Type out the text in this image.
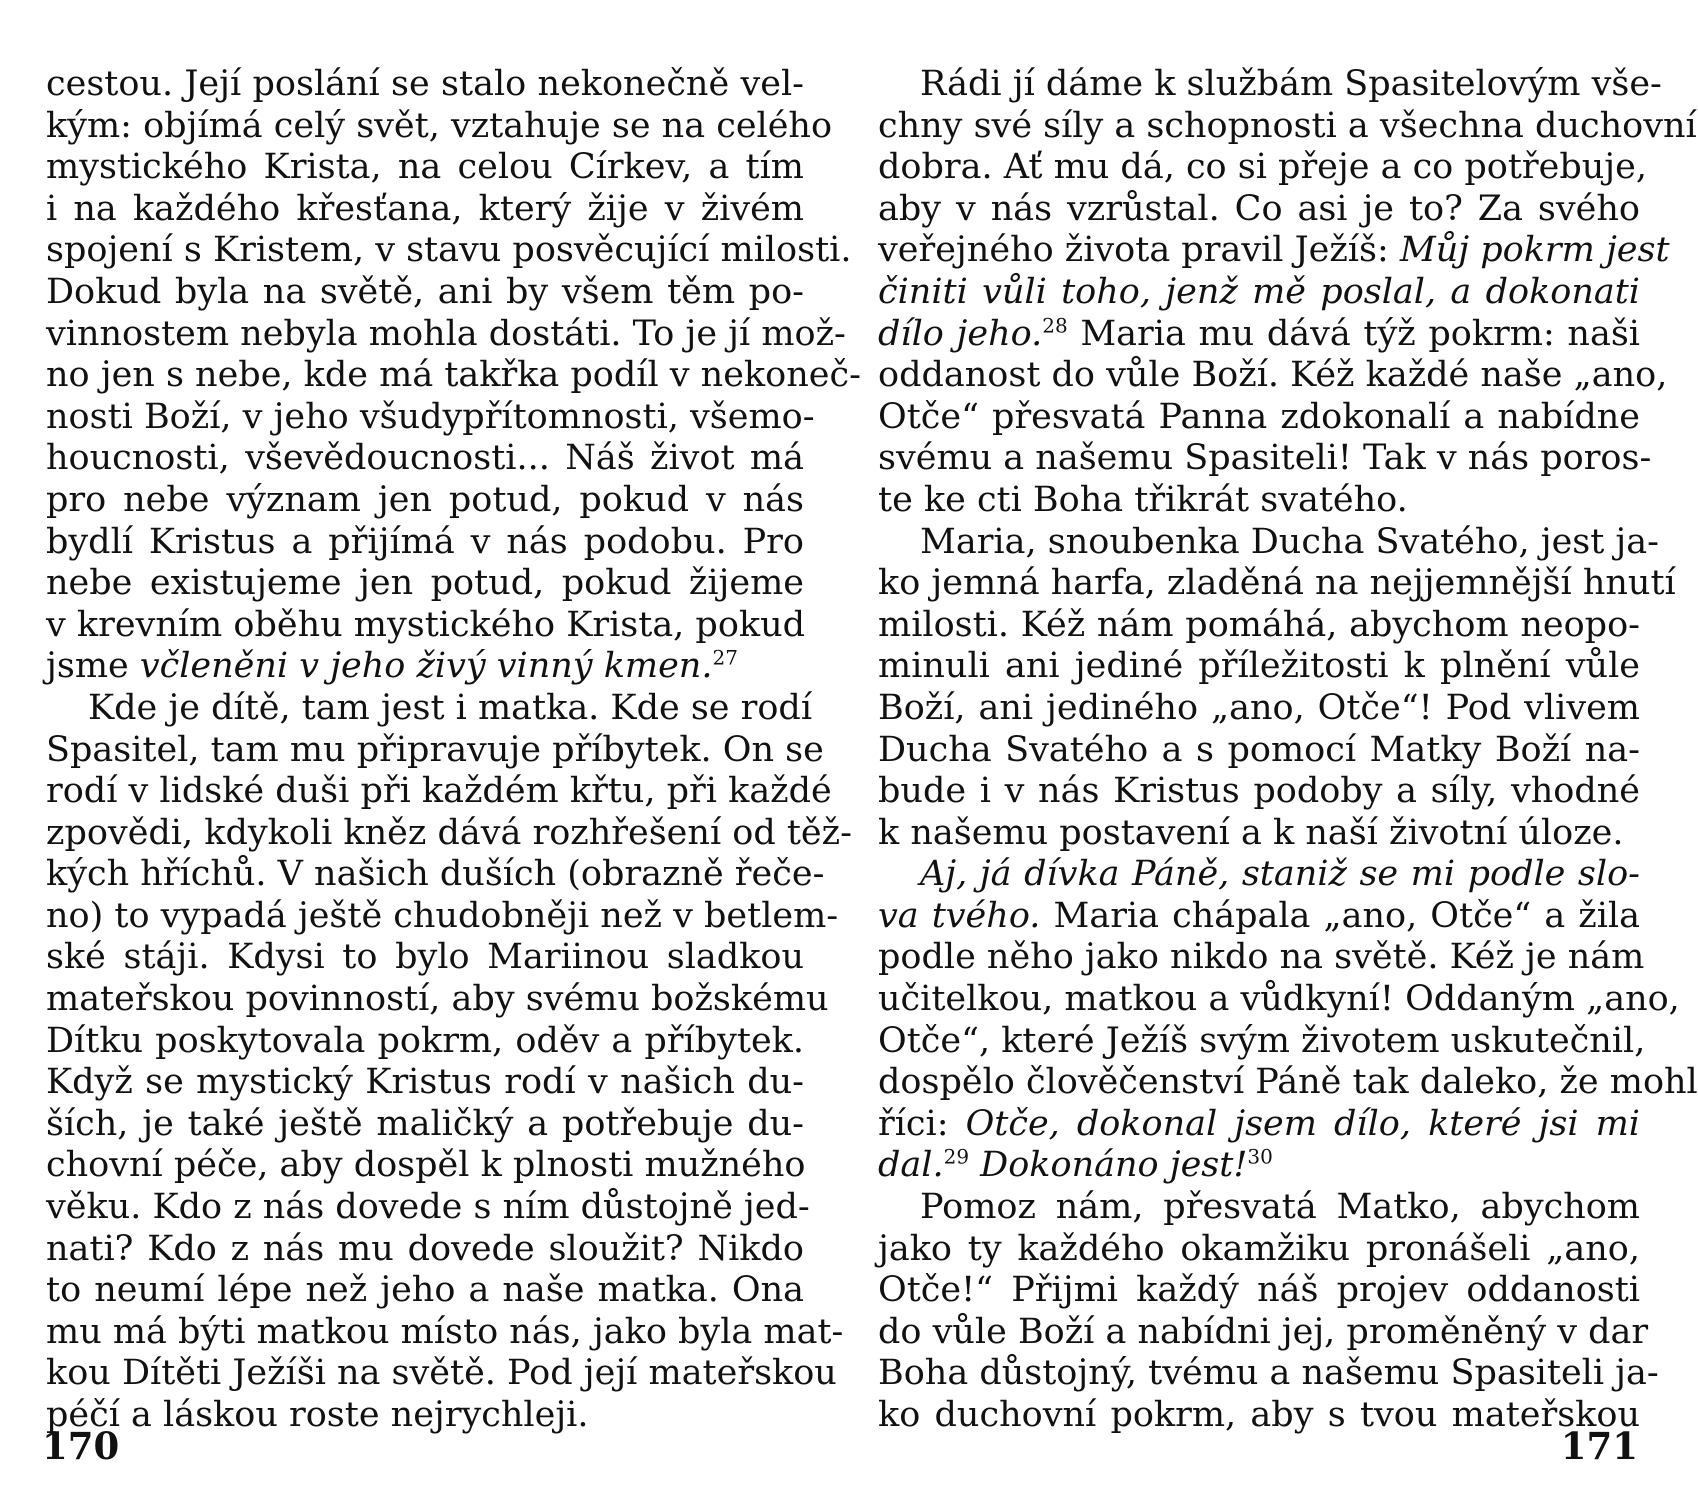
cestou. Její poslání se stalo nekonečně vel-
kým: objímá celý svět, vztahuje se na celého
mystického Krista, na celou Církev, a tím
i na každého křesťana, který žije v živém
spojení s Kristem, v stavu posvěcující milosti.
Dokud byla na světě, ani by všem těm po-
vinnostem nebyla mohla dostáti. To je jí mož-
no jen s nebe, kde má takřka podíl v nekoneč-
nosti Boží, v jeho všudypřítomnosti, všemo-
houcnosti, vševědoucnosti... Náš život má
pro nebe význam jen potud, pokud v nás
bydlí Kristus a přijímá v nás podobu. Pro
nebe existujeme jen potud, pokud žijeme
v krevním oběhu mystického Krista, pokud
jsme včleněni v jeho živý vinný kmen.$^{27}$
Kde je dítě, tam jest i matka. Kde se rodí
Spasitel, tam mu připravuje příbytek. On se
rodí v lidské duši při každém křtu, při každé
zpovědi, kdykoli kněz dává rozhřešení od těž-
kých hříchů. V našich duších (obrazně řeče-
no) to vypadá ještě chudobněji než v betlem-
ské stáji. Kdysi to bylo Mariinou sladkou
mateřskou povinností, aby svému božskému
Dítku poskytovala pokrm, oděv a příbytek.
Když se mystický Kristus rodí v našich du-
ších, je také ještě maličký a potřebuje du-
chovní péče, aby dospěl k plnosti mužného
věku. Kdo z nás dovede s ním důstojně jed-
nati? Kdo z nás mu dovede sloužit? Nikdo
to neumí lépe než jeho a naše matka. Ona
mu má býti matkou místo nás, jako byla mat-
kou Dítěti Ježíši na světě. Pod její mateřskou
péčí a láskou roste nejrychleji.
170
Rádi jí dáme k službám Spasitelovým vše-
chny své síly a schopnosti a všechna duchovní
dobra. Ať mu dá, co si přeje a co potřebuje,
aby v nás vzrůstal. Co asi je to? Za svého
veřejného života pravil Ježíš: Můj pokrm jest
činiti vůli toho, jenž mě poslal, a dokonati
dílo jeho.$^{28}$ Maria mu dává týž pokrm: naši
oddanost do vůle Boží. Kéž každé naše „ano,
Otče“ přesvatá Panna zdokonalí a nabídne
svému a našemu Spasiteli! Tak v nás poros-
te ke cti Boha třikrát svatého.
Maria, snoubenka Ducha Svatého, jest ja-
ko jemná harfa, zladěná na nejjemnější hnutí
milosti. Kéž nám pomáhá, abychom neopo-
minuli ani jediné příležitosti k plnění vůle
Boží, ani jediného „ano, Otče“! Pod vlivem
Ducha Svatého a s pomocí Matky Boží na-
bude i v nás Kristus podoby a síly, vhodné
k našemu postavení a k naší životní úloze.
Aj, já dívka Páně, staniž se mi podle slo-
va tvého. Maria chápala „ano, Otče“ a žila
podle něho jako nikdo na světě. Kéž je nám
učitelkou, matkou a vůdkyní! Oddaným „ano,
Otče“, které Ježíš svým životem uskutečnil,
dospělo člověčenství Páně tak daleko, že mohl
říci: Otče, dokonal jsem dílo, které jsi mi
dal.$^{29}$ Dokonáno jest!$^{30}$
Pomoz nám, přesvatá Matko, abychom
jako ty každého okamžiku pronášeli „ano,
Otče!“ Přijmi každý náš projev oddanosti
do vůle Boží a nabídni jej, proměněný v dar
Boha důstojný, tvému a našemu Spasiteli ja-
ko duchovní pokrm, aby s tvou mateřskou
171
